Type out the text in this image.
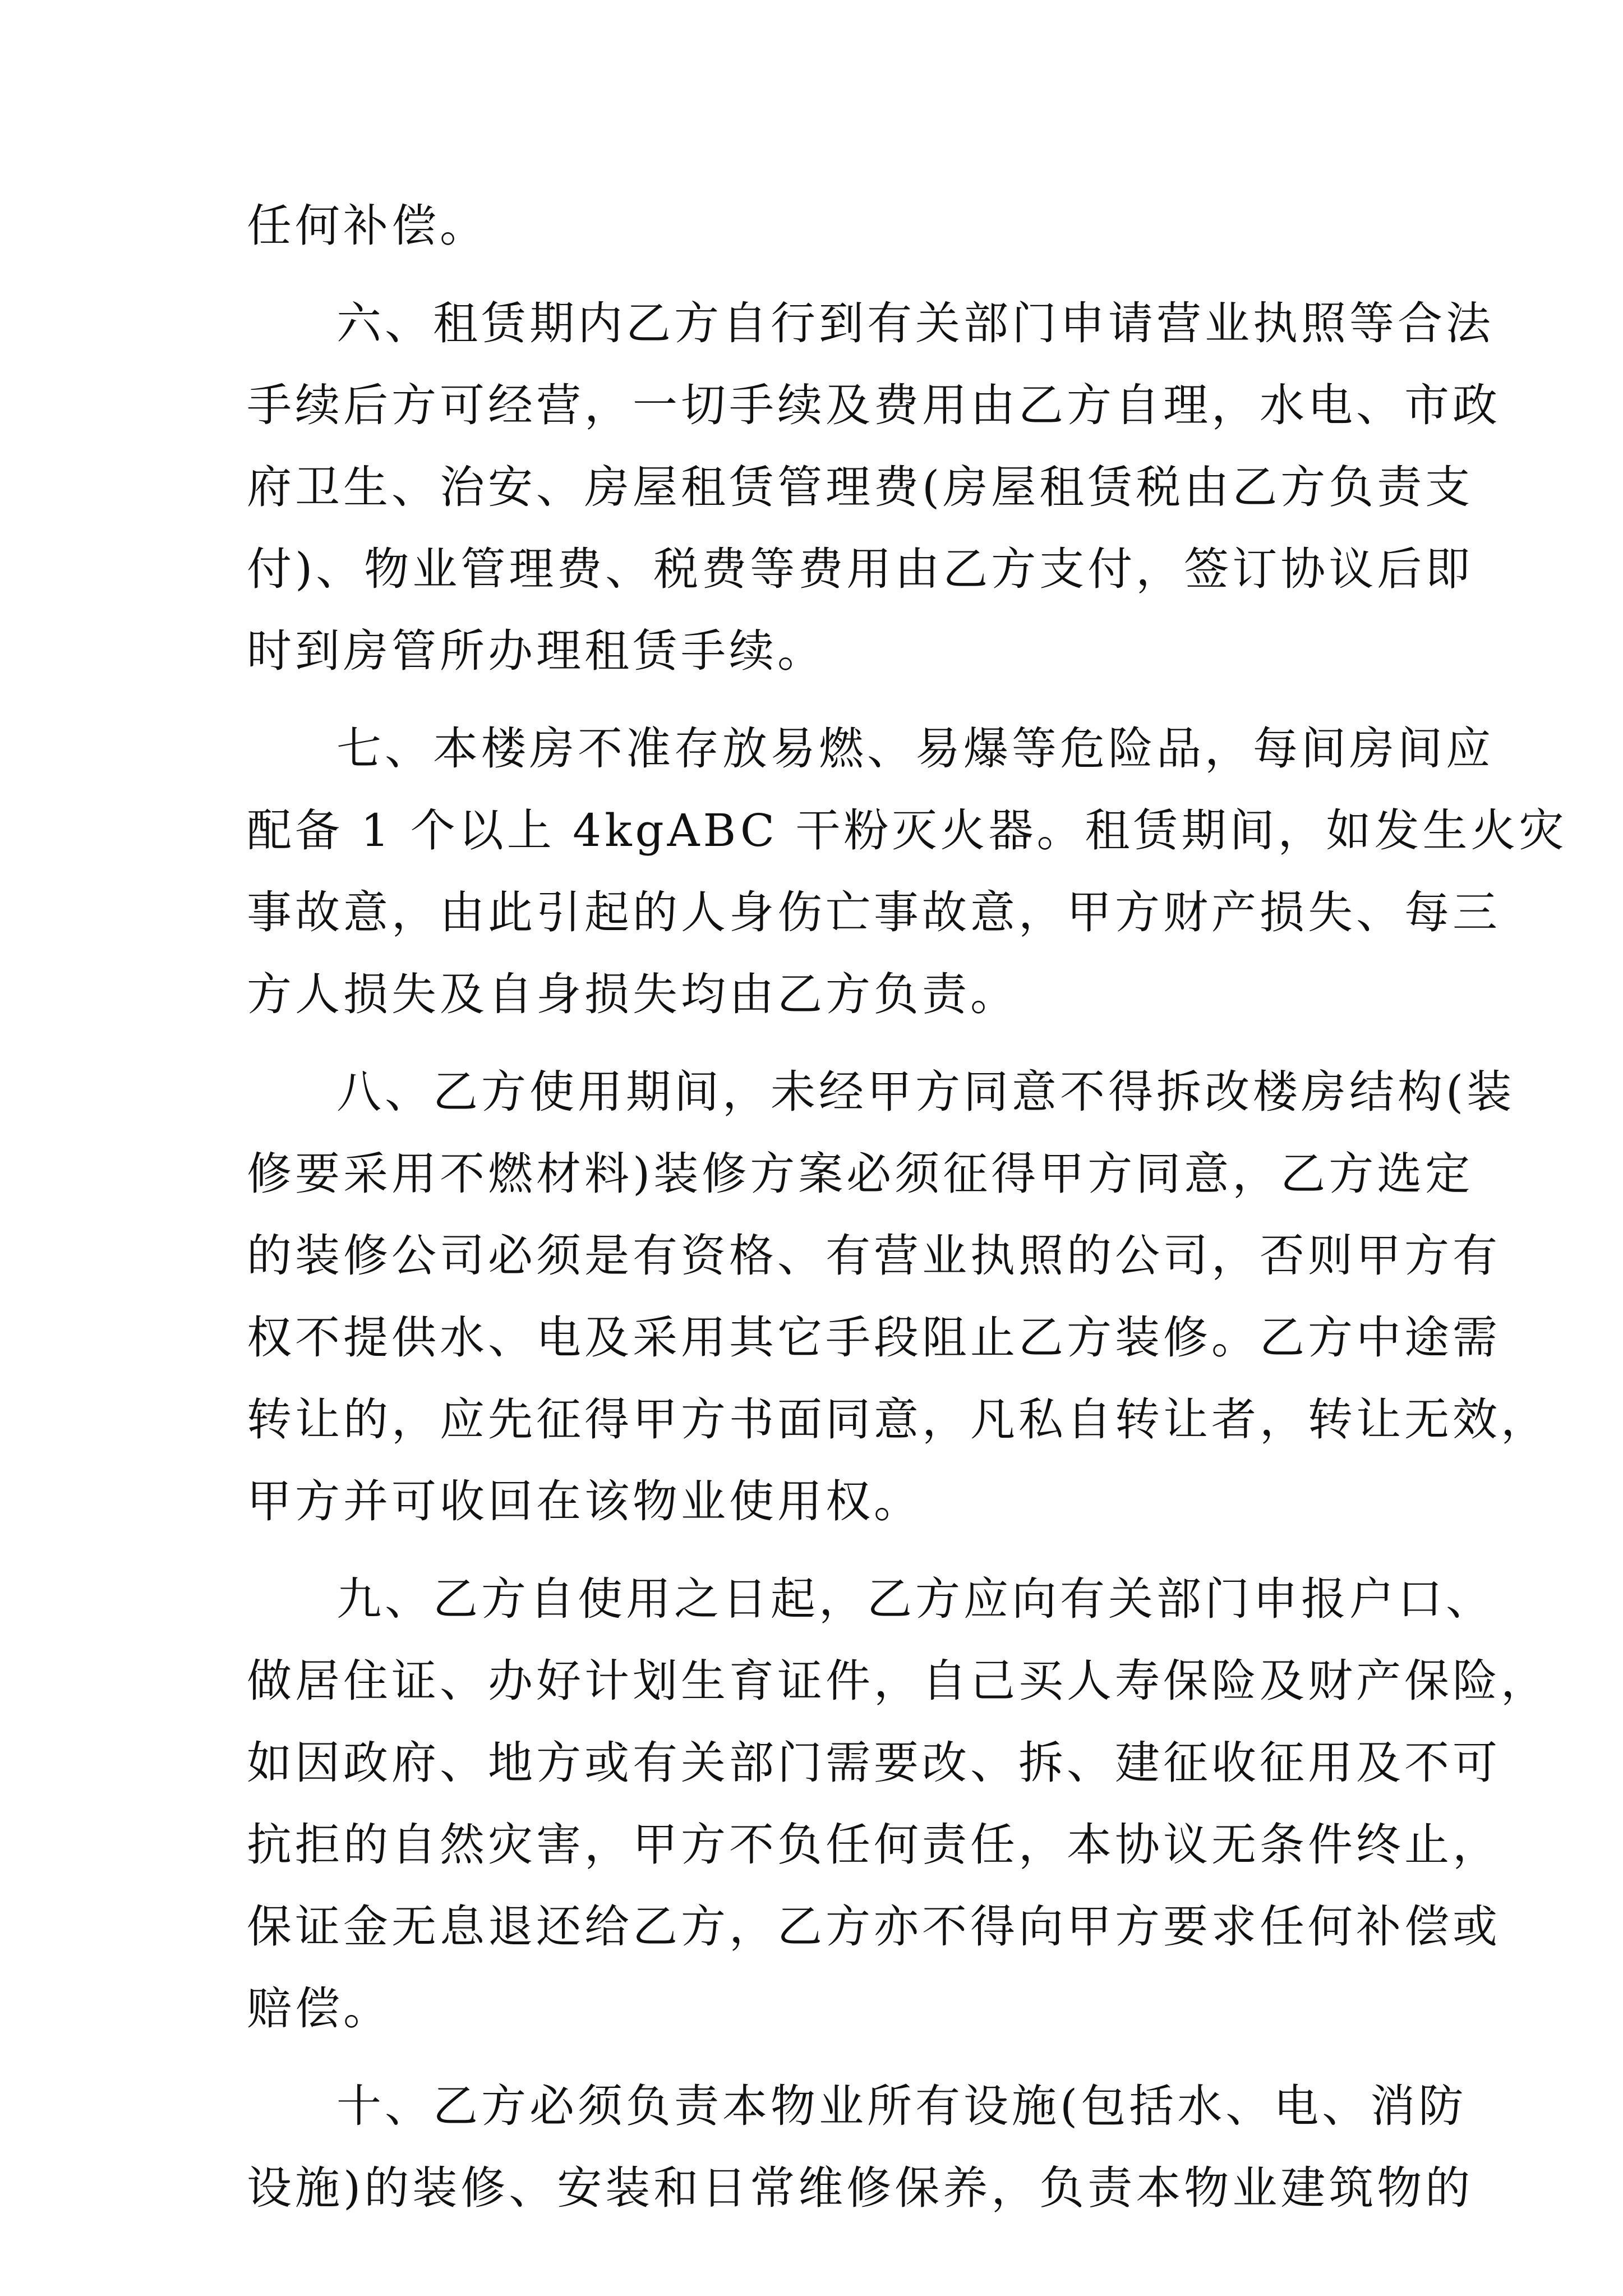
任何补偿。
六、租赁期内乙方自行到有关部门申请营业执照等合法
手续后方可经营，一切手续及费用由乙方自理，水电、市政
府卫生、治安、房屋租赁管理费(房屋租赁税由乙方负责支
付)、物业管理费、税费等费用由乙方支付，签订协议后即
时到房管所办理租赁手续。
七、本楼房不准存放易燃、易爆等危险品，每间房间应
配备 1 个以上 4kgABC 干粉灭火器。租赁期间，如发生火灾
事故意，由此引起的人身伤亡事故意，甲方财产损失、每三
方人损失及自身损失均由乙方负责。
八、乙方使用期间，未经甲方同意不得拆改楼房结构(装
修要采用不燃材料)装修方案必须征得甲方同意，乙方选定
的装修公司必须是有资格、有营业执照的公司，否则甲方有
权不提供水、电及采用其它手段阻止乙方装修。乙方中途需
转让的，应先征得甲方书面同意，凡私自转让者，转让无效，
甲方并可收回在该物业使用权。
九、乙方自使用之日起，乙方应向有关部门申报户口、
做居住证、办好计划生育证件，自己买人寿保险及财产保险，
如因政府、地方或有关部门需要改、拆、建征收征用及不可
抗拒的自然灾害，甲方不负任何责任，本协议无条件终止，
保证金无息退还给乙方，乙方亦不得向甲方要求任何补偿或
赔偿。
十、乙方必须负责本物业所有设施(包括水、电、消防
设施)的装修、安装和日常维修保养，负责本物业建筑物的
